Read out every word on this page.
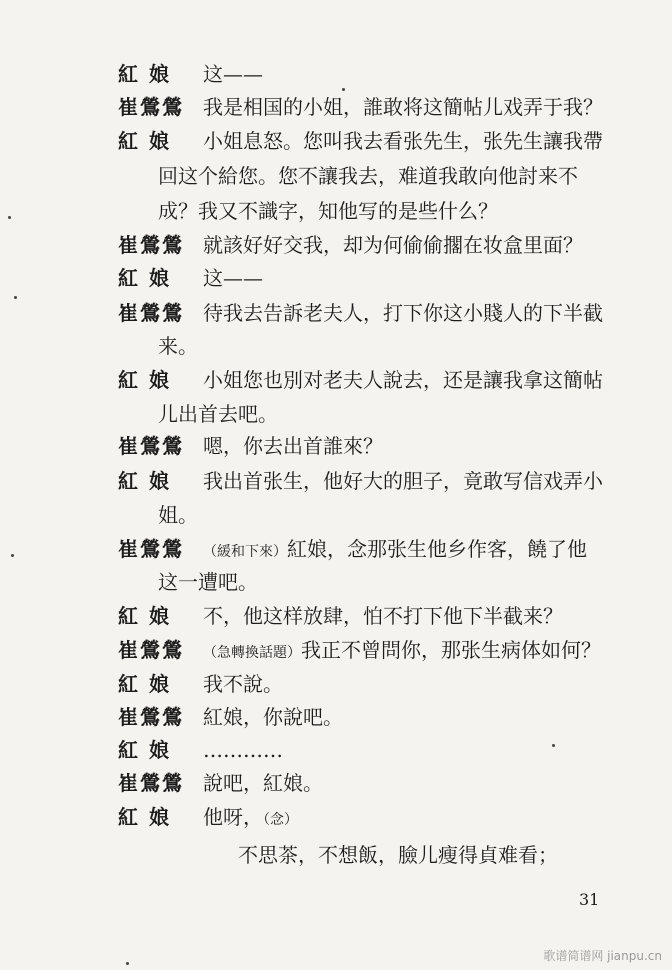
紅 娘	这——
崔鶯鶯 我是相国的小姐，誰敢将这簡帖儿戏弄于我？
紅 娘	小姐息怒。您叫我去看张先生，张先生讓我帶
回这个給您。您不讓我去，难道我敢向他討来不
成？我又不識字，知他写的是些什么？
崔鶯鶯 就該好好交我，却为何偷偷擱在妆盒里面？
紅 娘	这——
崔鶯鶯 待我去告訴老夫人，打下你这小賤人的下半截
来。
紅 娘	小姐您也別对老夫人說去，还是讓我拿这簡帖
儿出首去吧。
崔鶯鶯 嗯，你去出首誰來？
紅 娘	我出首张生，他好大的胆子，竟敢写信戏弄小
姐。
崔鶯鶯	（緩和下來）紅娘，念那张生他乡作客，饒了他
这一遭吧。
紅 娘	不，他这样放肆，怕不打下他下半截来？
崔鶯鶯	（急轉換話題）我正不曾問你，那张生病体如何？
紅 娘	我不說。
崔鶯鶯 紅娘，你說吧。
紅 娘	…………
崔鶯鶯 說吧，紅娘。
紅 娘	他呀，（念）
不思茶，不想飯，臉儿瘦得貞难看；
31
歌谱简谱网 jianpu.cn
